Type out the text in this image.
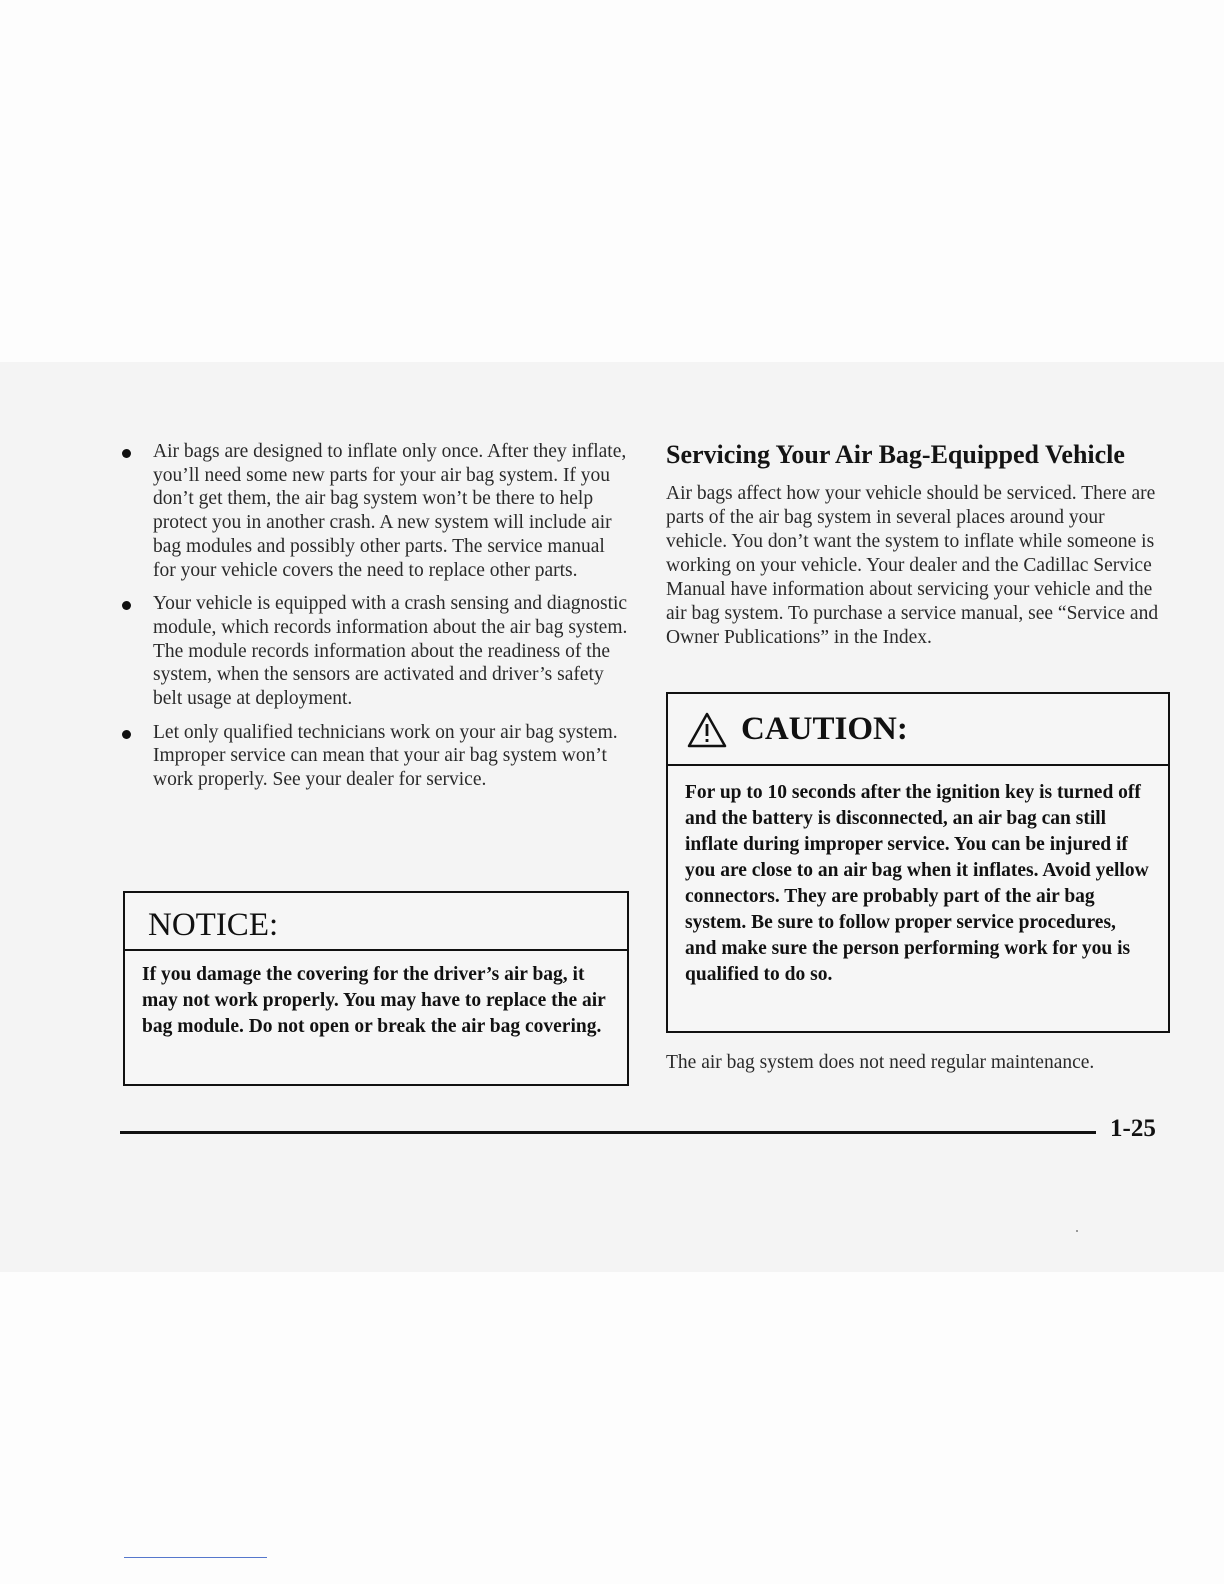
Air bags are designed to inflate only once. After they inflate, you’ll need some new parts for your air bag system. If you don’t get them, the air bag system won’t be there to help protect you in another crash. A new system will include air bag modules and possibly other parts. The service manual for your vehicle covers the need to replace other parts.
Your vehicle is equipped with a crash sensing and diagnostic module, which records information about the air bag system. The module records information about the readiness of the system, when the sensors are activated and driver’s safety belt usage at deployment.
Let only qualified technicians work on your air bag system. Improper service can mean that your air bag system won’t work properly. See your dealer for service.
NOTICE:
If you damage the covering for the driver’s air bag, it may not work properly. You may have to replace the air bag module. Do not open or break the air bag covering.
Servicing Your Air Bag-Equipped Vehicle

Air bags affect how your vehicle should be serviced. There are parts of the air bag system in several places around your vehicle. You don’t want the system to inflate while someone is working on your vehicle. Your dealer and the Cadillac Service Manual have information about servicing your vehicle and the air bag system. To purchase a service manual, see “Service and Owner Publications” in the Index.

CAUTION:
For up to 10 seconds after the ignition key is turned off and the battery is disconnected, an air bag can still inflate during improper service. You can be injured if you are close to an air bag when it inflates. Avoid yellow connectors. They are probably part of the air bag system. Be sure to follow proper service procedures, and make sure the person performing work for you is qualified to do so.

The air bag system does not need regular maintenance.

1-25
